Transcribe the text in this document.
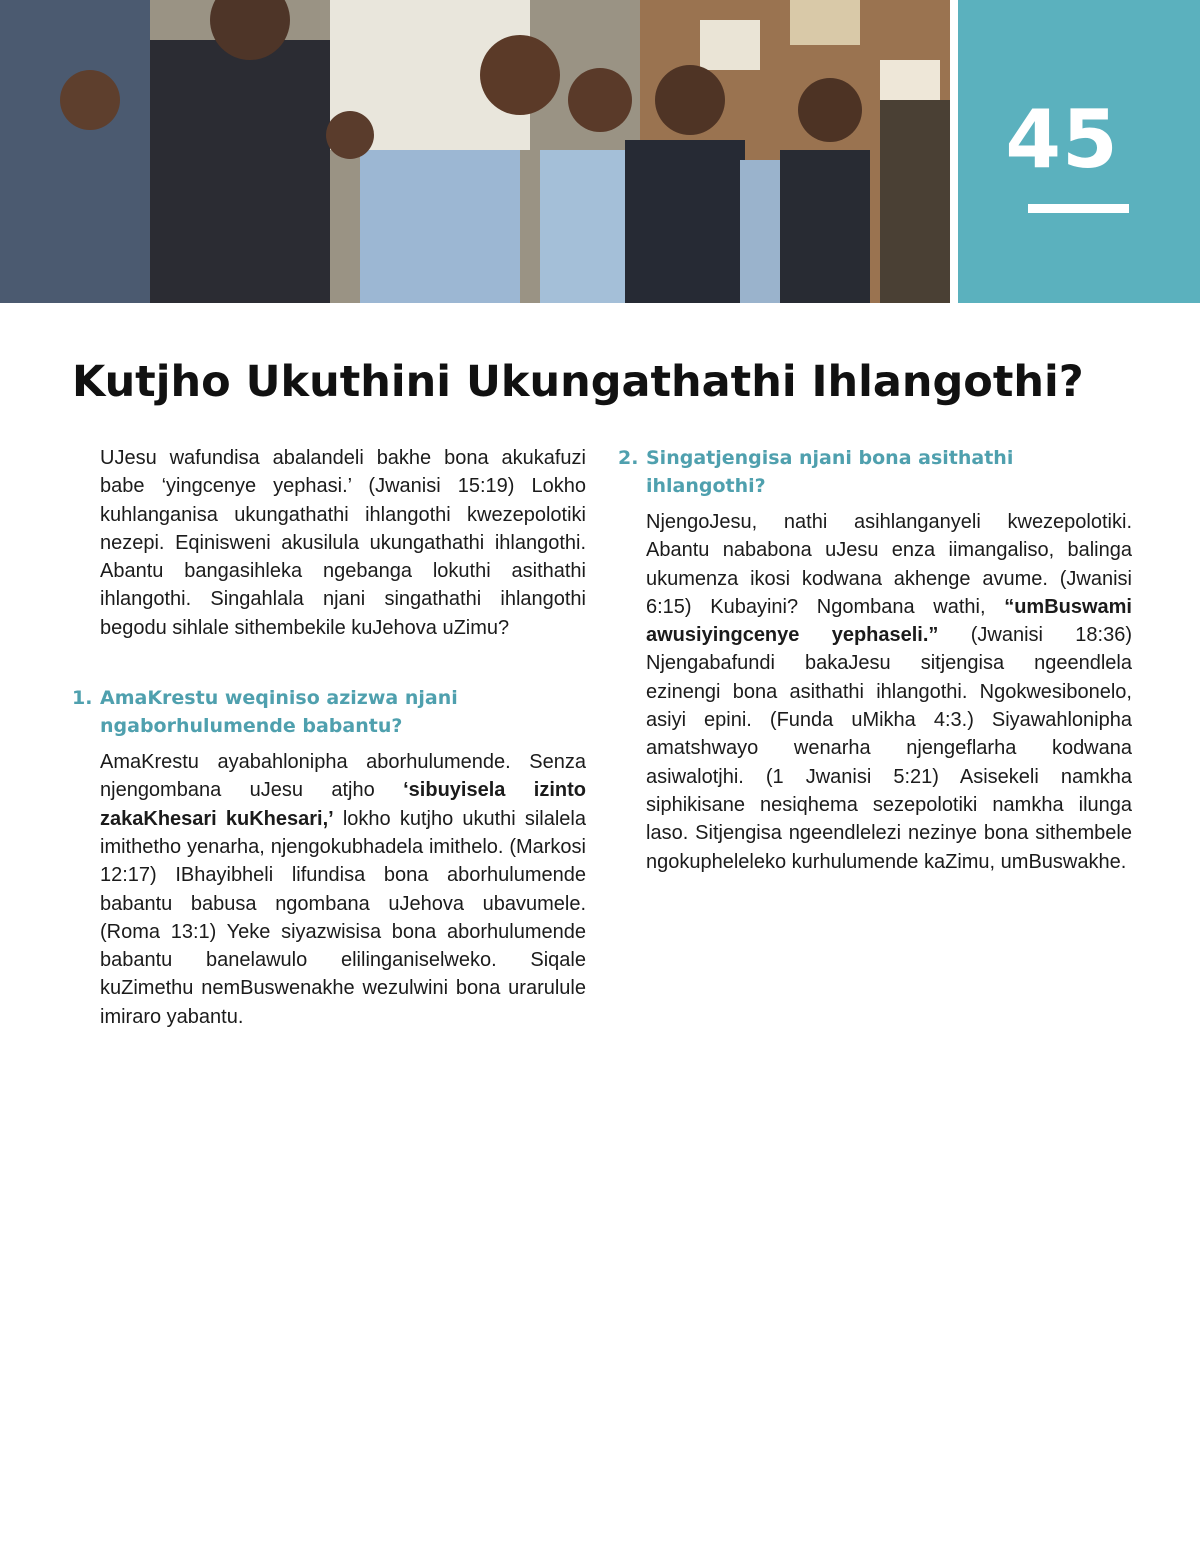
45
Kutjho Ukuthini Ukungathathi Ihlangothi?

UJesu wafundisa abalandeli bakhe bona akukafuzi babe ‘yingcenye yephasi.’ (Jwanisi 15:19) Lokho kuhlanganisa ukungathathi ihlangothi kwezepolotiki nezepi. Eqinisweni akusilula ukungathathi ihlangothi. Abantu bangasihleka ngebanga lokuthi asithathi ihlangothi. Singahlala njani singathathi ihlangothi begodu sihlale sithembekile kuJehova uZimu?

1. AmaKrestu weqiniso azizwa njani ngaborhulumende babantu?

AmaKrestu ayabahlonipha aborhulumende. Senza njengombana uJesu atjho ‘sibuyisela izinto zakaKhesari kuKhesari,’ lokho kutjho ukuthi silalela imithetho yenarha, njengokubhadela imithelo. (Markosi 12:17) IBhayibheli lifundisa bona aborhulumende babantu babusa ngombana uJehova ubavumele. (Roma 13:1) Yeke siyazwisisa bona aborhulumende babantu banelawulo elilinganiselweko. Siqale kuZimethu nemBuswenakhe wezulwini bona urarulule imiraro yabantu.

2. Singatjengisa njani bona asithathi ihlangothi?

NjengoJesu, nathi asihlanganyeli kwezepolotiki. Abantu nababona uJesu enza iimangaliso, balinga ukumenza ikosi kodwana akhenge avume. (Jwanisi 6:15) Kubayini? Ngombana wathi, “umBuswami awusiyingcenye yephaseli.” (Jwanisi 18:36) Njengabafundi bakaJesu sitjengisa ngeendlela ezinengi bona asithathi ihlangothi. Ngokwesibonelo, asiyi epini. (Funda uMikha 4:3.) Siyawahlonipha amatshwayo wenarha njengeflarha kodwana asiwalotjhi. (1 Jwanisi 5:21) Asisekeli namkha siphikisane nesiqhema sezepolotiki namkha ilunga laso. Sitjengisa ngeendlelezi nezinye bona sithembele ngokupheleleko kurhulumende kaZimu, umBuswakhe.
